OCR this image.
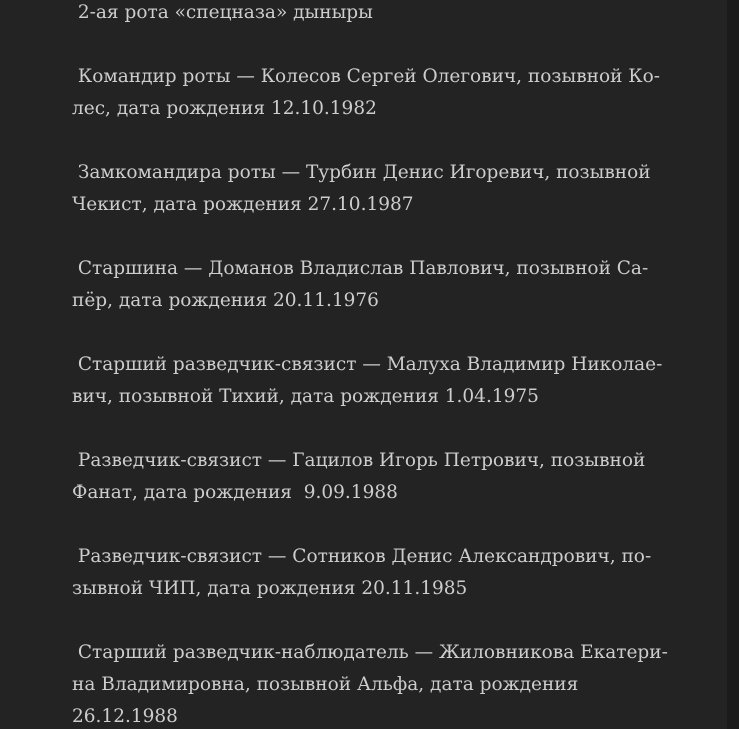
2-ая рота «спецназа» дыныры

Командир роты — Колесов Сергей Олегович, позывной Ко-
лес, дата рождения 12.10.1982

Замкомандира роты — Турбин Денис Игоревич, позывной
Чекист, дата рождения 27.10.1987

Старшина — Доманов Владислав Павлович, позывной Са-
пёр, дата рождения 20.11.1976

Старший разведчик-связист — Малуха Владимир Николае-
вич, позывной Тихий, дата рождения 1.04.1975

Разведчик-связист — Гацилов Игорь Петрович, позывной
Фанат, дата рождения  9.09.1988

Разведчик-связист — Сотников Денис Александрович, по-
зывной ЧИП, дата рождения 20.11.1985

Старший разведчик-наблюдатель — Жиловникова Екатери-
на Владимировна, позывной Альфа, дата рождения
26.12.1988
